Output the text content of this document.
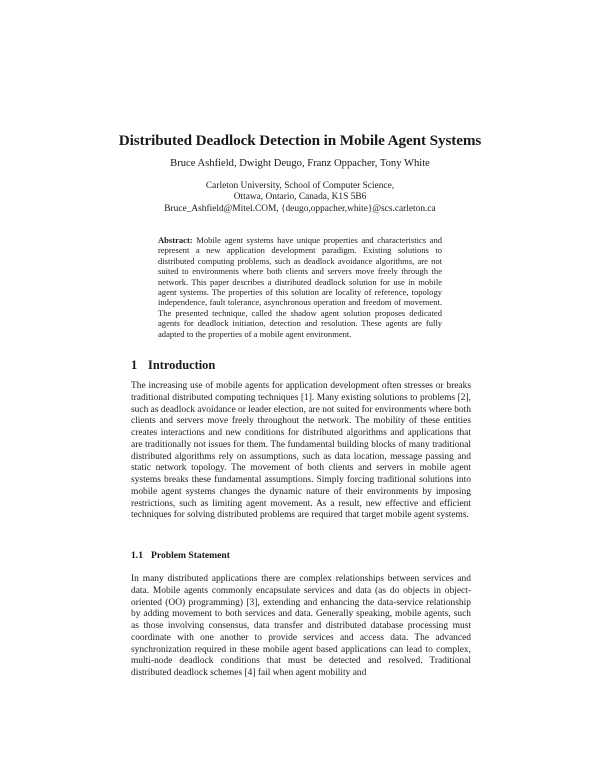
Distributed Deadlock Detection in Mobile Agent Systems
Bruce Ashfield, Dwight Deugo, Franz Oppacher, Tony White
Carleton University, School of Computer Science,
Ottawa, Ontario, Canada, K1S 5B6
Bruce_Ashfield@Mitel.COM, {deugo,oppacher,white}@scs.carleton.ca
Abstract: Mobile agent systems have unique properties and characteristics and represent a new application development paradigm. Existing solutions to distributed computing problems, such as deadlock avoidance algorithms, are not suited to environments where both clients and servers move freely through the network. This paper describes a distributed deadlock solution for use in mobile agent systems. The properties of this solution are locality of reference, topology independence, fault tolerance, asynchronous operation and freedom of movement. The presented technique, called the shadow agent solution proposes dedicated agents for deadlock initiation, detection and resolution. These agents are fully adapted to the properties of a mobile agent environment.
1 Introduction
The increasing use of mobile agents for application development often stresses or breaks traditional distributed computing techniques [1]. Many existing solutions to problems [2], such as deadlock avoidance or leader election, are not suited for environments where both clients and servers move freely throughout the network. The mobility of these entities creates interactions and new conditions for distributed algorithms and applications that are traditionally not issues for them. The fundamental building blocks of many traditional distributed algorithms rely on assumptions, such as data location, message passing and static network topology. The movement of both clients and servers in mobile agent systems breaks these fundamental assumptions. Simply forcing traditional solutions into mobile agent systems changes the dynamic nature of their environments by imposing restrictions, such as limiting agent movement. As a result, new effective and efficient techniques for solving distributed problems are required that target mobile agent systems.
1.1 Problem Statement
In many distributed applications there are complex relationships between services and data. Mobile agents commonly encapsulate services and data (as do objects in object-oriented (OO) programming) [3], extending and enhancing the data-service relationship by adding movement to both services and data. Generally speaking, mobile agents, such as those involving consensus, data transfer and distributed database processing must coordinate with one another to provide services and access data. The advanced synchronization required in these mobile agent based applications can lead to complex, multi-node deadlock conditions that must be detected and resolved. Traditional distributed deadlock schemes [4] fail when agent mobility and
